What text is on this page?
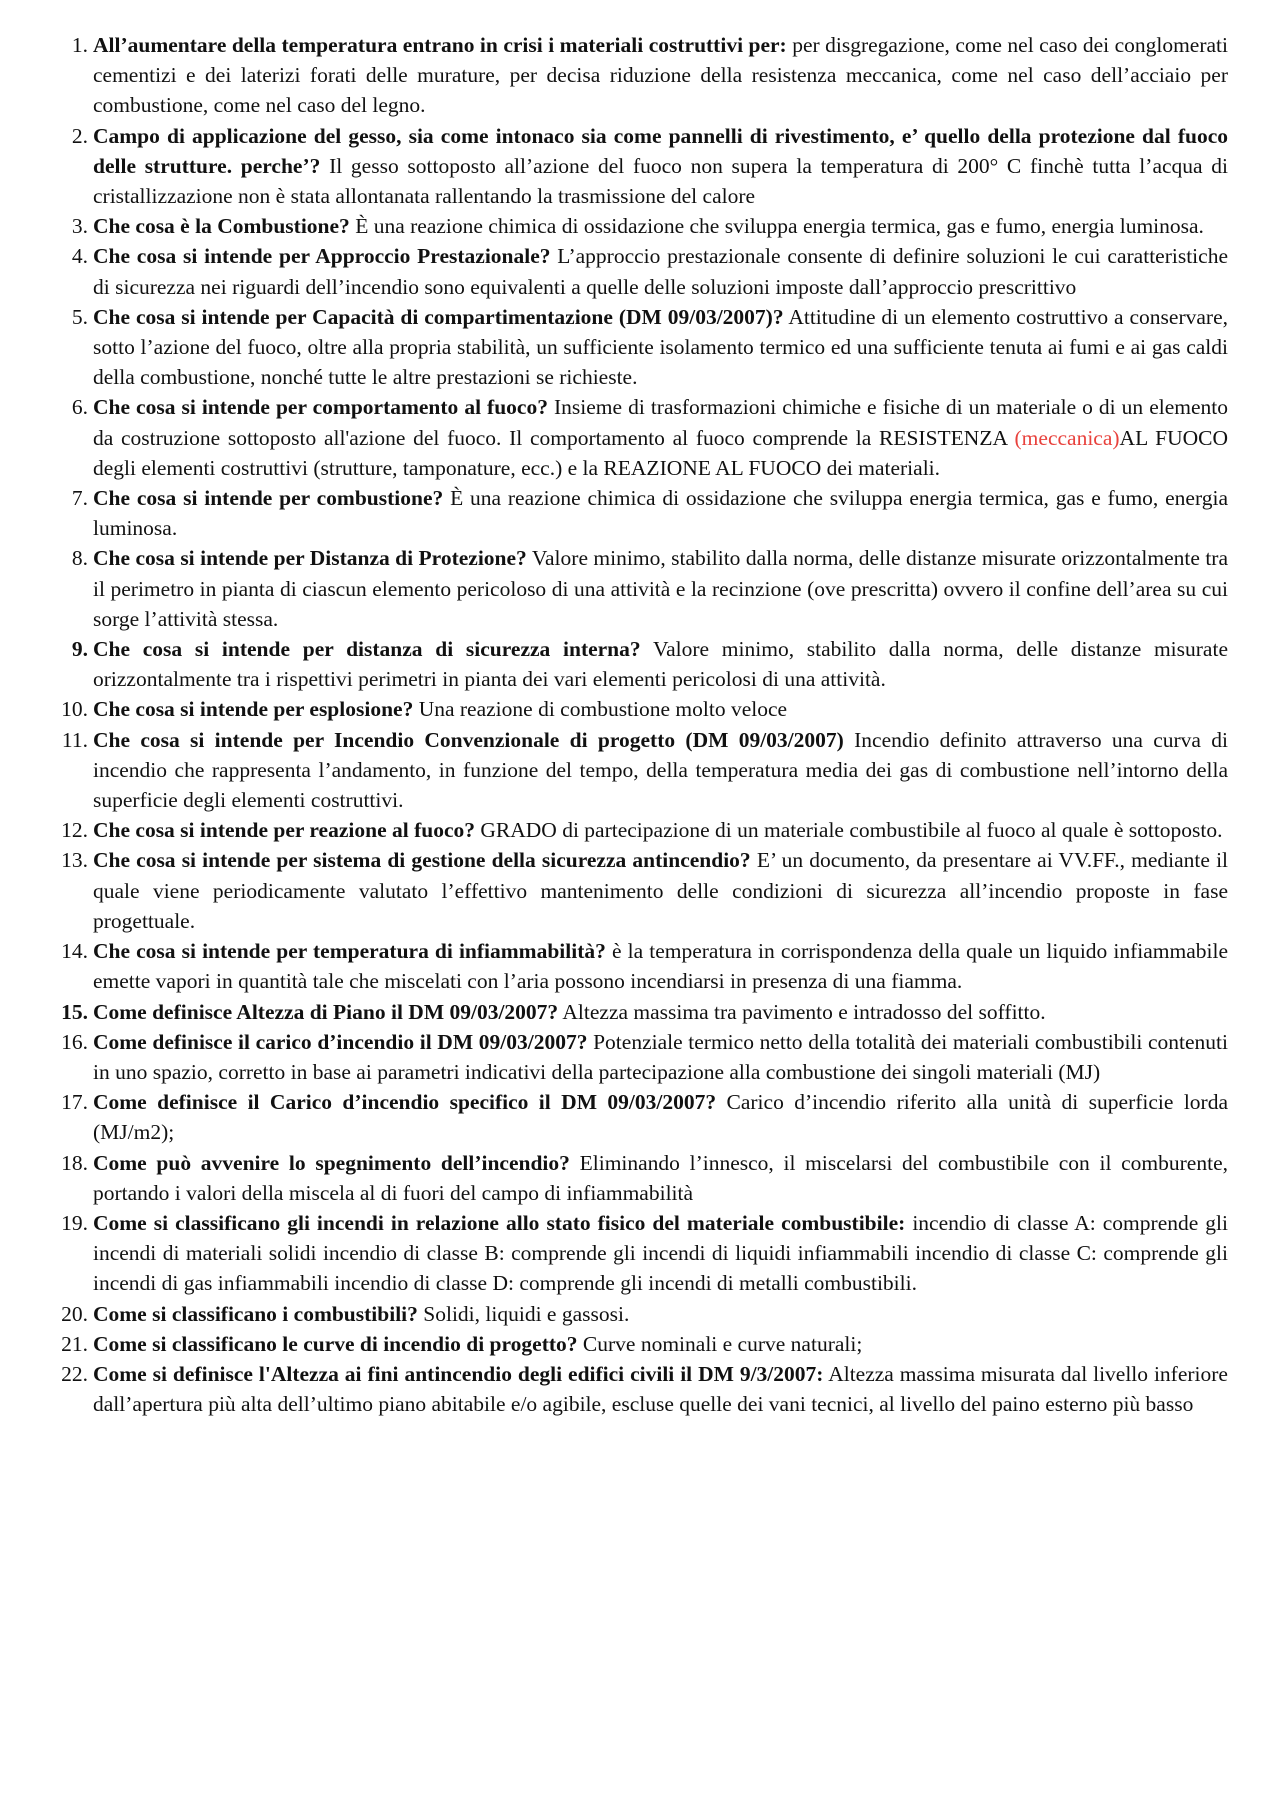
1. All’aumentare della temperatura entrano in crisi i materiali costruttivi per: per disgregazione, come nel caso dei conglomerati cementizi e dei laterizi forati delle murature, per decisa riduzione della resistenza meccanica, come nel caso dell’acciaio per combustione, come nel caso del legno.
2. Campo di applicazione del gesso, sia come intonaco sia come pannelli di rivestimento, e’ quello della protezione dal fuoco delle strutture. perche’? Il gesso sottoposto all’azione del fuoco non supera la temperatura di 200° C finchè tutta l’acqua di cristallizzazione non è stata allontanata rallentando la trasmissione del calore
3. Che cosa è la Combustione? È una reazione chimica di ossidazione che sviluppa energia termica, gas e fumo, energia luminosa.
4. Che cosa si intende per Approccio Prestazionale? L’approccio prestazionale consente di definire soluzioni le cui caratteristiche di sicurezza nei riguardi dell’incendio sono equivalenti a quelle delle soluzioni imposte dall’approccio prescrittivo
5. Che cosa si intende per Capacità di compartimentazione (DM 09/03/2007)? Attitudine di un elemento costruttivo a conservare, sotto l’azione del fuoco, oltre alla propria stabilità, un sufficiente isolamento termico ed una sufficiente tenuta ai fumi e ai gas caldi della combustione, nonché tutte le altre prestazioni se richieste.
6. Che cosa si intende per comportamento al fuoco? Insieme di trasformazioni chimiche e fisiche di un materiale o di un elemento da costruzione sottoposto all'azione del fuoco. Il comportamento al fuoco comprende la RESISTENZA (meccanica)AL FUOCO degli elementi costruttivi (strutture, tamponature, ecc.) e la REAZIONE AL FUOCO dei materiali.
7. Che cosa si intende per combustione? È una reazione chimica di ossidazione che sviluppa energia termica, gas e fumo, energia luminosa.
8. Che cosa si intende per Distanza di Protezione? Valore minimo, stabilito dalla norma, delle distanze misurate orizzontalmente tra il perimetro in pianta di ciascun elemento pericoloso di una attività e la recinzione (ove prescritta) ovvero il confine dell’area su cui sorge l’attività stessa.
9. Che cosa si intende per distanza di sicurezza interna? Valore minimo, stabilito dalla norma, delle distanze misurate orizzontalmente tra i rispettivi perimetri in pianta dei vari elementi pericolosi di una attività.
10. Che cosa si intende per esplosione? Una reazione di combustione molto veloce
11. Che cosa si intende per Incendio Convenzionale di progetto (DM 09/03/2007) Incendio definito attraverso una curva di incendio che rappresenta l’andamento, in funzione del tempo, della temperatura media dei gas di combustione nell’intorno della superficie degli elementi costruttivi.
12. Che cosa si intende per reazione al fuoco? GRADO di partecipazione di un materiale combustibile al fuoco al quale è sottoposto.
13. Che cosa si intende per sistema di gestione della sicurezza antincendio? E’ un documento, da presentare ai VV.FF., mediante il quale viene periodicamente valutato l’effettivo mantenimento delle condizioni di sicurezza all’incendio proposte in fase progettuale.
14. Che cosa si intende per temperatura di infiammabilità? è la temperatura in corrispondenza della quale un liquido infiammabile emette vapori in quantità tale che miscelati con l’aria possono incendiarsi in presenza di una fiamma.
15. Come definisce Altezza di Piano il DM 09/03/2007? Altezza massima tra pavimento e intradosso del soffitto.
16. Come definisce il carico d’incendio il DM 09/03/2007? Potenziale termico netto della totalità dei materiali combustibili contenuti in uno spazio, corretto in base ai parametri indicativi della partecipazione alla combustione dei singoli materiali (MJ)
17. Come definisce il Carico d’incendio specifico il DM 09/03/2007? Carico d’incendio riferito alla unità di superficie lorda (MJ/m2);
18. Come può avvenire lo spegnimento dell’incendio? Eliminando l’innesco, il miscelarsi del combustibile con il comburente, portando i valori della miscela al di fuori del campo di infiammabilità
19. Come si classificano gli incendi in relazione allo stato fisico del materiale combustibile: incendio di classe A: comprende gli incendi di materiali solidi incendio di classe B: comprende gli incendi di liquidi infiammabili incendio di classe C: comprende gli incendi di gas infiammabili incendio di classe D: comprende gli incendi di metalli combustibili.
20. Come si classificano i combustibili? Solidi, liquidi e gassosi.
21. Come si classificano le curve di incendio di progetto? Curve nominali e curve naturali;
22. Come si definisce l'Altezza ai fini antincendio degli edifici civili il DM 9/3/2007: Altezza massima misurata dal livello inferiore dall’apertura più alta dell’ultimo piano abitabile e/o agibile, escluse quelle dei vani tecnici, al livello del paino esterno più basso
